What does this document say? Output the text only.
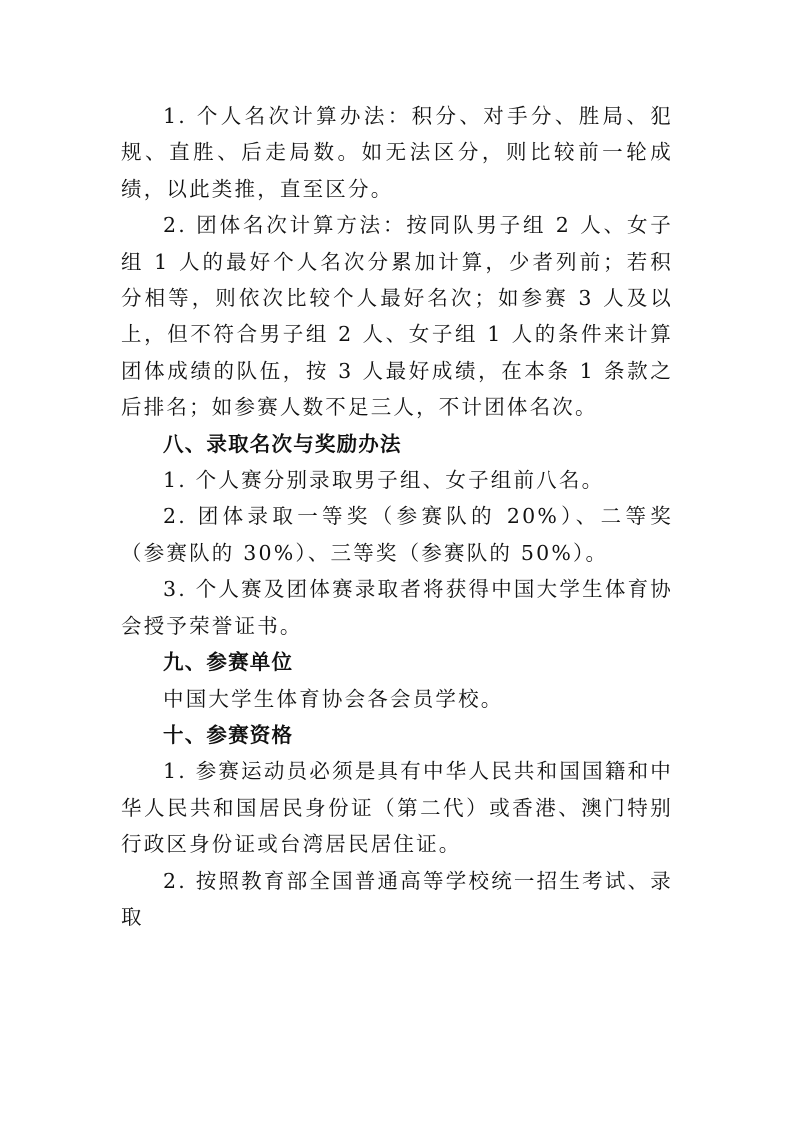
1. 个人名次计算办法：积分、对手分、胜局、犯规、直胜、后走局数。如无法区分，则比较前一轮成绩，以此类推，直至区分。

2. 团体名次计算方法：按同队男子组 2 人、女子组 1 人的最好个人名次分累加计算，少者列前；若积分相等，则依次比较个人最好名次；如参赛 3 人及以上，但不符合男子组 2 人、女子组 1 人的条件来计算团体成绩的队伍，按 3 人最好成绩，在本条 1 条款之后排名；如参赛人数不足三人，不计团体名次。

八、录取名次与奖励办法

1. 个人赛分别录取男子组、女子组前八名。

2. 团体录取一等奖（参赛队的 20%）、二等奖（参赛队的 30%）、三等奖（参赛队的 50%）。

3. 个人赛及团体赛录取者将获得中国大学生体育协会授予荣誉证书。

九、参赛单位

中国大学生体育协会各会员学校。

十、参赛资格

1. 参赛运动员必须是具有中华人民共和国国籍和中华人民共和国居民身份证（第二代）或香港、澳门特别行政区身份证或台湾居民居住证。

2. 按照教育部全国普通高等学校统一招生考试、录取
